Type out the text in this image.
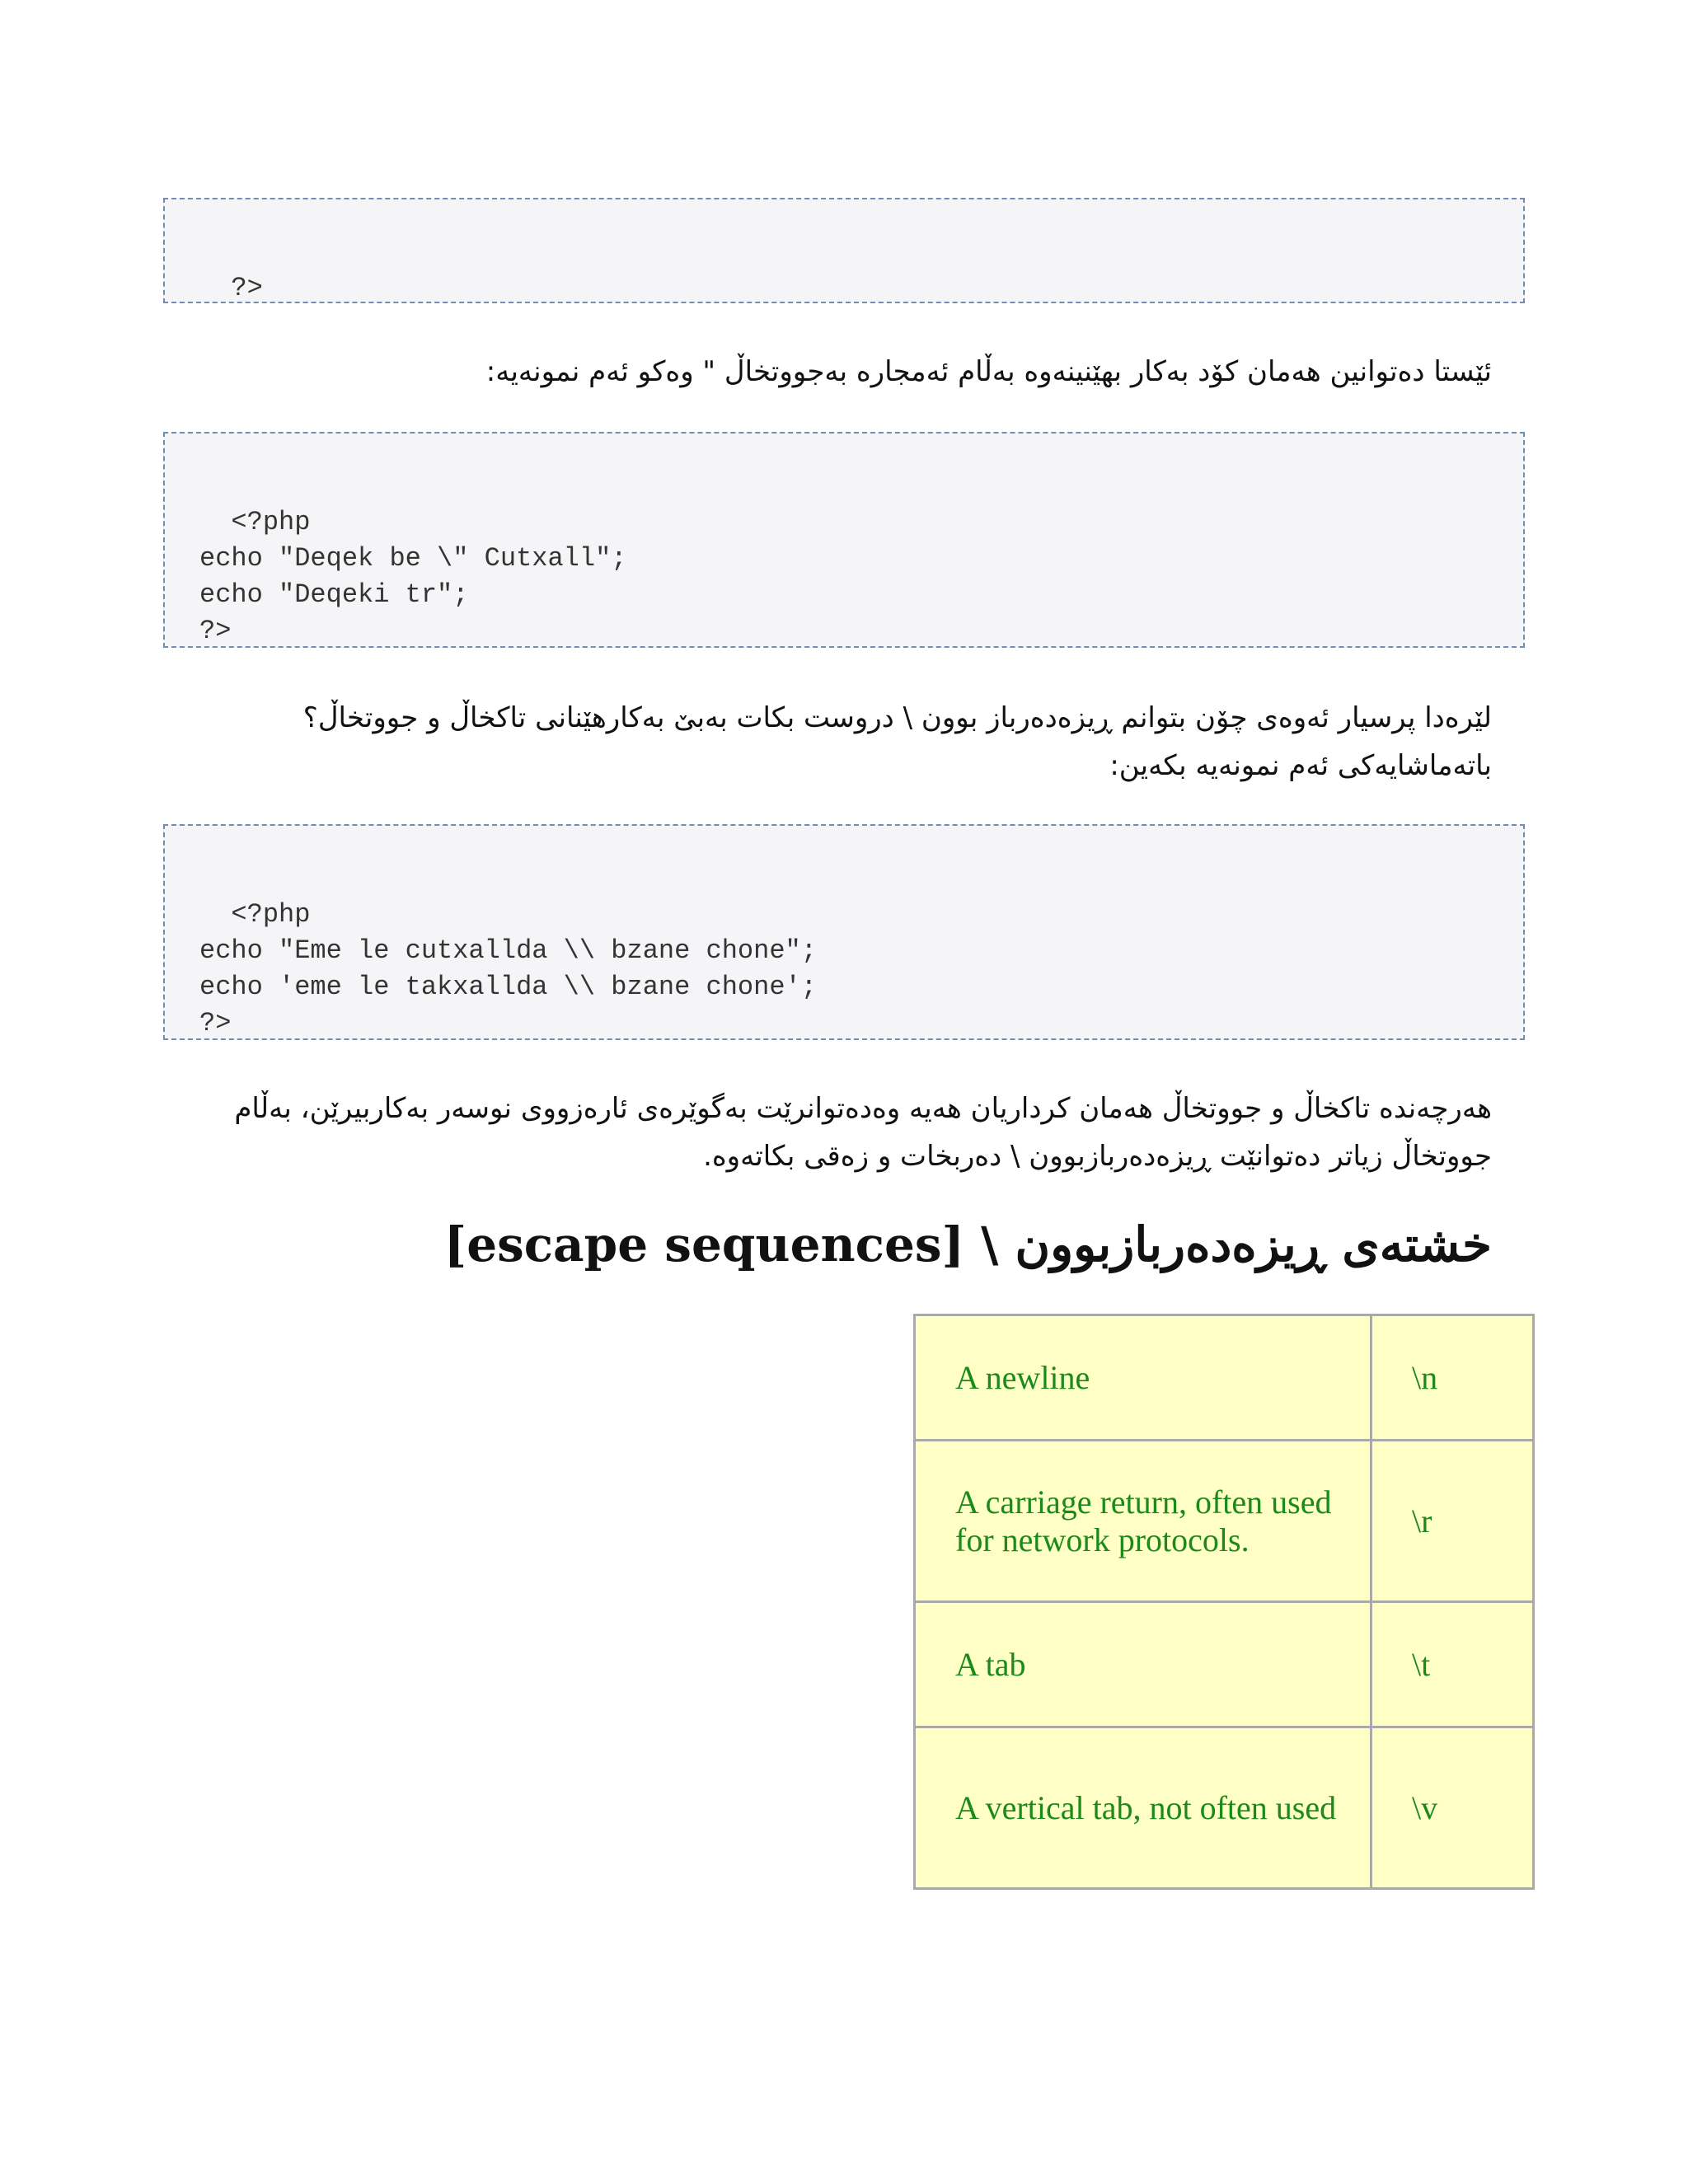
?>

ئێستا دەتوانین هەمان کۆد بەکار بهێنینەوە بەڵام ئەمجارە بەجووتخاڵ " وەکو ئەم نمونەیە:

<?php
echo "Deqek be \" Cutxall";
echo "Deqeki tr";
?>

لێرەدا پرسیار ئەوەی چۆن بتوانم ڕیزەدەرباز بوون \ دروست بکات بەبێ بەکارهێنانی تاکخاڵ و جووتخاڵ؟ باتەماشایەکی ئەم نمونەیە بکەین:

<?php
echo "Eme le cutxallda \\ bzane chone";
echo 'eme le takxallda \\ bzane chone';
?>

هەرچەندە تاکخاڵ و جووتخاڵ هەمان کرداریان هەیە وەدەتوانرێت بەگوێرەی ئارەزووی نوسەر بەکاربیرێن، بەڵام جووتخاڵ زیاتر دەتوانێت ڕیزەدەربازبوون \ دەربخات و زەقی بکاتەوە.
خشتەی ڕیزەدەربازبوون \ [escape sequences]
A newline	\n
A carriage return, often used for network protocols.	\r
A tab	\t
A vertical tab, not often used	\v
